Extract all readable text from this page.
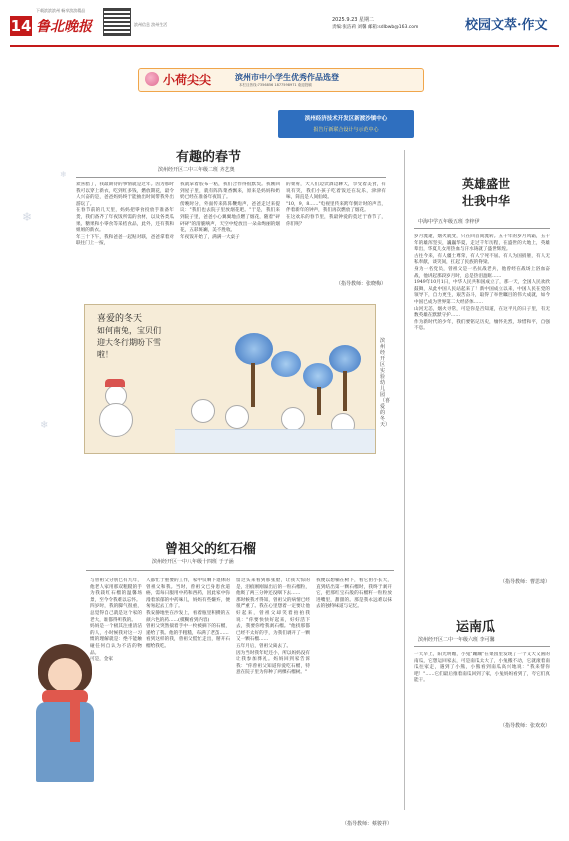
14 鲁北晚报
下载滨滨滨州 畅享滨滨精品
滨州信息 滨州生活
2025.9.23 星期二
责编:张洁莉 刘馨 邮箱:sdlbwb@163.com	校园文萃·作文
小荷尖尖	滨州市中小学生优秀作品选登
本栏目热线:7356856 1877598971 欢迎投稿
滨州经济技术开发区新渡沙镇中心
报告厅新联合设计与示范中心
有趣的春节
滨州经开区二中三年级二班 齐艺奥
欢喜腊了，我最期待的事情就是过年。因为那时我可以穿上新衣，吃到红多钱，燃放期花，最令人兴奋的是，爸爸妈妈终于能抽出时间带我外出游玩了。
在春节前的几天里，妈妈把零食投放手准备年货，我们备齐了年夜饭所需的食材，以及各类瓜果、糖果和小零食等采桔食品，此外，还有我和姐姐的新衣。
年三十下午，我和爸爸一起贴对联，爸爸拿着对联往门上一按，
我就拿着胶布一粘，我们合作得很默契。我刚回到屋子里，就有阵阵菜香飘来，原来是妈妈和奶奶已经在准备年夜饭了。
傍晚时分，外面传来阵阵鞭炮声，爸爸走过来提议："我们也去院子里放烟花吧。"于是，我们来到院子里，爸爸小心翼翼地点燃了烟花，随着"砰砰砰"的清脆响声，天空中绽放出一朵朵绚丽的烟花，五彩斑斓，美不胜收。
年夜饭开始了，满满一大桌子
的菜肴，大人们边饮酒边聊天，享受着美食，有说有笑，我们小孩子吃着饭还在玩乐，津津有味，简直是人间仙境。
"10，9，8……"电视里传来跨年倒计时的声音，伴着新年的钟声，我们再次燃放了烟花。
在这欢乐的春节里，我最钟爱的莫过于春节了，你们呢？
（指导教师：张晓梅）
喜爱的冬天
如何南兔，宝贝们迎大冬行期吩下雪啦！
滨州经开区实验幼儿园（喜爱的冬天）
曾祖父的红石榴
滨州经开区一中八年级十四班 于子涵
与曾祖父分别已有九年，他老人家用那双粗糙的手为我栽红石榴的温馨场景，至今令我难以忘怀。
四岁时，我的脚气很重，总觉得自己就是这个家的老大，谁都得听我的。
妈妈是一个极其注重清洁的人，小时候我对这一习惯的理解就是：绝不能触碰任何自认为不洁的物品。
可是，金家
人都忙于重要的工作，家中仅剩下退休的曾祖父和我。当时，曾祖父已身患食道癌，需每日服用中药和西药，因此家中弥漫着浓郁的中药味儿，妈妈有些嫌弃，便匆匆起去工作了。
我安静地坐在沙发上，看着瓶里积攒的五颜六色的药……(模糊看到内容)
曾祖父突然揣着手中一枚被摘下的石榴，递给了我。他的手粗糙，布满了老茧……
看到这样的我，曾祖父慌忙走出，掰开石榴给我吃。
留过头来看到那张脸，让我大惊的是，泪痕刚刚溢出后的一粒石榴粒，他吸了两三分钟还没咽下去……
那时候我才得知，曾祖父的病情已经很严重了。我在心里想着一定要让他好起来，曾祖父却笑着拍拍我说："你要快快好起来，好好活下去，我要你给我剥石榴。"他找那都已经不太好的手，为我们剥开了一颗又一颗石榴……
五年月后，曾祖父离去了。
因为当时我年纪还小，所以妈妈没有让我参加葬礼。妈妈回到家告诉我："你曾祖父知道你爱吃石榴，特意在院子里为你种了两棵石榴树。"
我便以想躺在树下，看它由小长大，直到结出第一颗石榴时，我终于剥开它，把那红宝石般的石榴籽一粒粒放进嘴里，甜甜的。那是我永远难以抹去的独特味道与记忆。
（指导教师：蔡骏祥）
❄
❄
❄
英雄盛世
壮我中华
中海中学五年级五班 李梓伊
岁月流逝，烟火就变，只在回首间流转。五千年的岁月风霜，五千年的雄浑坚实，巍巍华夏，走过千年历程，在盛世的大地上，英雄辈出，华夏儿女用热血与汗水铸就了盛世辉煌。
古往今来，有人疆土尊荣，有人宁死不屈。有人为国捐躯，有人无私奉献，谈笑间，扛起了民族的脊梁。
身为一名党员，曾祖父是一名抗战老兵，他曾经在战场上浴血奋战，他讲起那段岁月时，总是热泪盈眶……
1949年10月1日，中华人民共和国成立了，那一天，全国人民欢欣鼓舞，从此中国人民站起来了！新中国成立以来，中国人民在党的领导下，自力更生，艰苦奋斗，取得了举世瞩目的伟大成就，如今中国已成为世界第二大经济体……
山河无恙，烟火寻常，可是你是否知道，在这平凡的日子里，有无数英雄在默默守护……
作为新时代的少年，我们要铭记历史，缅怀先烈，珍惜和平，自强不息。
（指导教师：曹思琦）
运南瓜
滨州经开区二中一年级六班 李可馨
一天早上，阳光明媚，小兔"蹦蹦"在菜园里发现了一个又大又圆的南瓜，它想运回家去，可是南瓜太大了，小兔搬不动，它就滚着南瓜往家走，遇到了小熊，小熊看到南瓜高兴地说："我来帮你吧！"……它们最后推着南瓜回到了家，小兔妈妈看到了，夸它们真能干。
（指导教师：张欢欢）
